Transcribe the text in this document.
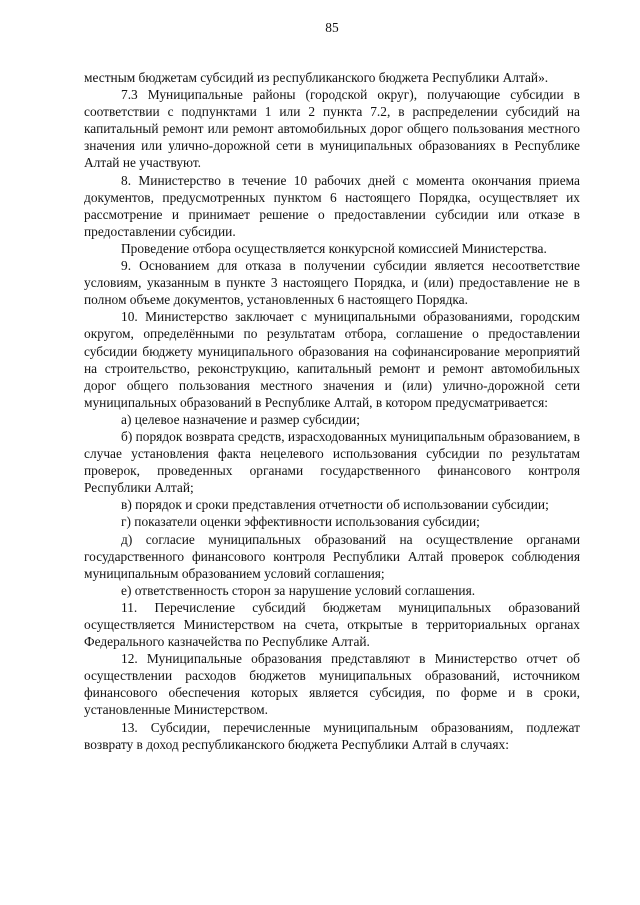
85

местным бюджетам субсидий из республиканского бюджета Республики Алтай».

7.3 Муниципальные районы (городской округ), получающие субсидии в соответствии с подпунктами 1 или 2 пункта 7.2, в распределении субсидий на капитальный ремонт или ремонт автомобильных дорог общего пользования местного значения или улично-дорожной сети в муниципальных образованиях в Республике Алтай не участвуют.

8. Министерство в течение 10 рабочих дней с момента окончания приема документов, предусмотренных пунктом 6 настоящего Порядка, осуществляет их рассмотрение и принимает решение о предоставлении субсидии или отказе в предоставлении субсидии.

Проведение отбора осуществляется конкурсной комиссией Министерства.

9. Основанием для отказа в получении субсидии является несоответствие условиям, указанным в пункте 3 настоящего Порядка, и (или) предоставление не в полном объеме документов, установленных 6 настоящего Порядка.

10. Министерство заключает с муниципальными образованиями, городским округом, определёнными по результатам отбора, соглашение о предоставлении субсидии бюджету муниципального образования на софинансирование мероприятий на строительство, реконструкцию, капитальный ремонт и ремонт автомобильных дорог общего пользования местного значения и (или) улично-дорожной сети муниципальных образований в Республике Алтай, в котором предусматривается:

а) целевое назначение и размер субсидии;

б) порядок возврата средств, израсходованных муниципальным образованием, в случае установления факта нецелевого использования субсидии по результатам проверок, проведенных органами государственного финансового контроля Республики Алтай;

в) порядок и сроки представления отчетности об использовании субсидии;

г) показатели оценки эффективности использования субсидии;

д) согласие муниципальных образований на осуществление органами государственного финансового контроля Республики Алтай проверок соблюдения муниципальным образованием условий соглашения;

е) ответственность сторон за нарушение условий соглашения.

11. Перечисление субсидий бюджетам муниципальных образований осуществляется Министерством на счета, открытые в территориальных органах Федерального казначейства по Республике Алтай.

12. Муниципальные образования представляют в Министерство отчет об осуществлении расходов бюджетов муниципальных образований, источником финансового обеспечения которых является субсидия, по форме и в сроки, установленные Министерством.

13. Субсидии, перечисленные муниципальным образованиям, подлежат возврату в доход республиканского бюджета Республики Алтай в случаях:
